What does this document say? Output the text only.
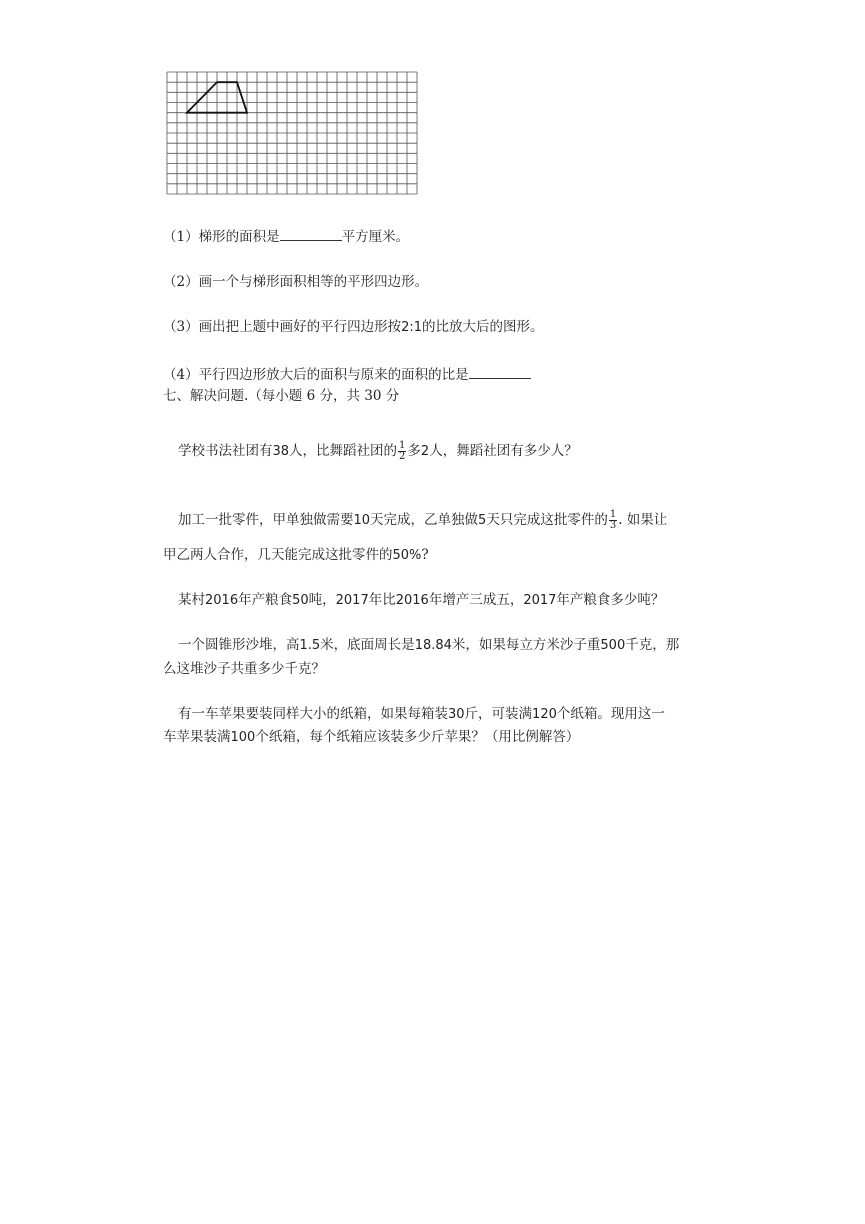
（1）梯形的面积是	平方厘米。
（2）画一个与梯形面积相等的平形四边形。
（3）画出把上题中画好的平行四边形按2:1的比放大后的图形。
（4）平行四边形放大后的面积与原来的面积的比是
七、解决问题.（每小题 6 分，共 30 分
学校书法社团有38人，比舞蹈社团的 $\frac{1}{2}$ 多2人，舞蹈社团有多少人？
加工一批零件，甲单独做需要10天完成，乙单独做5天只完成这批零件的 $\frac{1}{3}$ . 如果让
甲乙两人合作，几天能完成这批零件的50%?
某村2016年产粮食50吨，2017年比2016年增产三成五，2017年产粮食多少吨？
一个圆锥形沙堆，高1.5米，底面周长是18.84米，如果每立方米沙子重500千克，那
么这堆沙子共重多少千克？
有一车苹果要装同样大小的纸箱，如果每箱装30斤，可装满120个纸箱。现用这一
车苹果装满100个纸箱，每个纸箱应该装多少斤苹果？（用比例解答）
